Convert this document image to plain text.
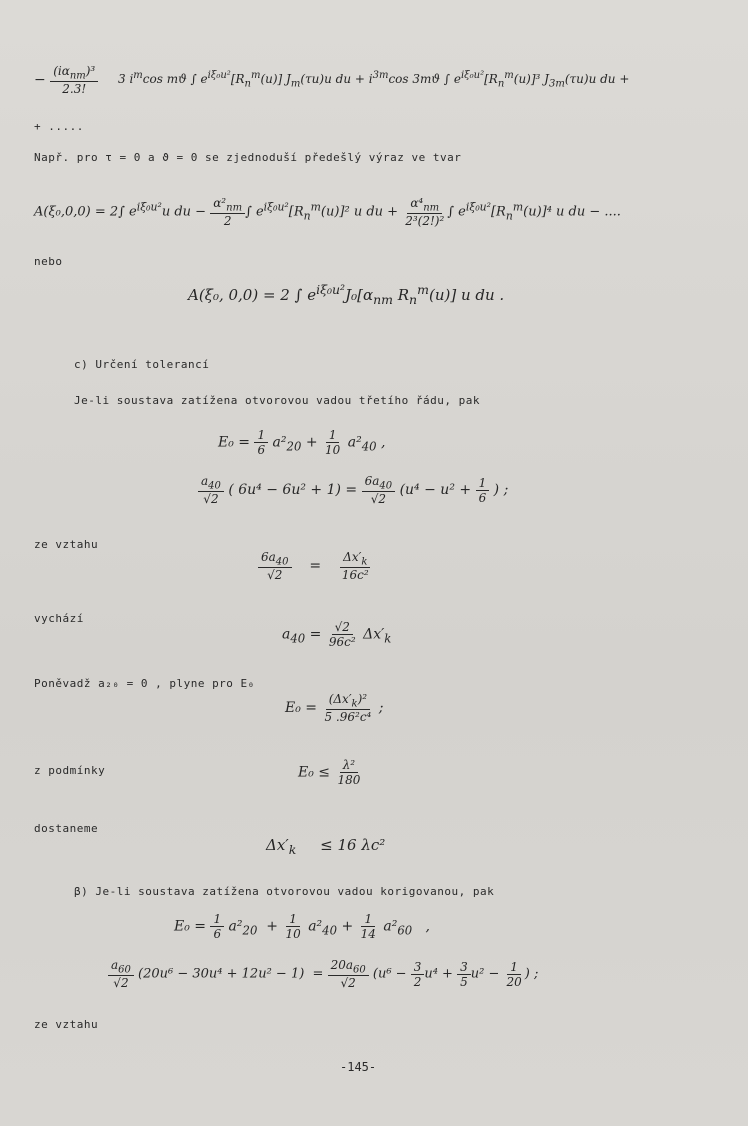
− $\frac{(i\alpha_{nm})^3}{2.3!} 3$ $i^m\cos$ mϑ ∫ $e^{i\xi_0u^2}[R_n^m(u)]$ $J_m(\tau u)u$ du + $i^{3m}\cos$ 3mϑ ∫ $e^{i\xi_0u^2}[R_n^m(u)]^3$ $J_{3m}(\tau u)u$ du +
+ .....
Např. pro τ = 0 a ϑ = 0 se zjednoduší předešlý výraz ve tvar
A(ξ₀,0,0) = 2∫ $e^{i\xi_0u^2}u$ du − $\frac{\alpha^2_{nm}}{2}$ ∫ $e^{i\xi_0u^2}[R_n^m(u)]^2$ u du + $\frac{\alpha^4_{nm}}{\text{2³(2!)²}}$ ∫ $e^{i\xi_0u^2}[R_n^m(u)]^4$ u du − ....
nebo
A(ξ₀, 0,0) = 2 ∫ $e^{i\xi_0u^2}J_0[\alpha_{nm}$ $R_n^m(u)$] u du .
c) Určení tolerancí
Je-li soustava zatížena otvorovou vadou třetího řádu, pak
$E_0 = \frac{1}{6} a^2_{20} + \frac{1}{10} a^2_{40}$ ,
$\frac{a_{40}}{√2}$ ( $6u^4 - 6u^2 + 1) = \frac{6a_{40}}{√2} (u^4 - u^2 + \frac{1}{6}$ ) ;
ze vztahu
$\frac{6a_{40}}{√2} = \frac{\Delta x'_k}{\text{16c²}}$
vychází
$a_{40} = \frac{√2}{\text{96c²}} \Delta x'_k$
Poněvadž a₂₀ = 0 , plyne pro E₀
$E_0 = \frac{(\Delta x'_k)^2}{\text{5 .96²c⁴}}$ ;
z podmínky	$E_0 \le \frac{\text{λ²}}{180}$
dostaneme
$\Delta x'_k$     ≤ 16 λc²
β) Je-li soustava zatížena otvorovou vadou korigovanou, pak
$E_0 = \frac{1}{6} a^2_{20} + \frac{1}{10} a^2_{40} + \frac{1}{14} a^2_{60}$   ,
$\frac{a_{60}}{√2} (20u^6 - 30u^4 + 12u^2 - 1) = \frac{20a_{60}}{√2} (u^6 - \frac{3}{2} u^4 + \frac{3}{5} u^2 - \frac{1}{20}$ ) ;
ze vztahu
-145-
